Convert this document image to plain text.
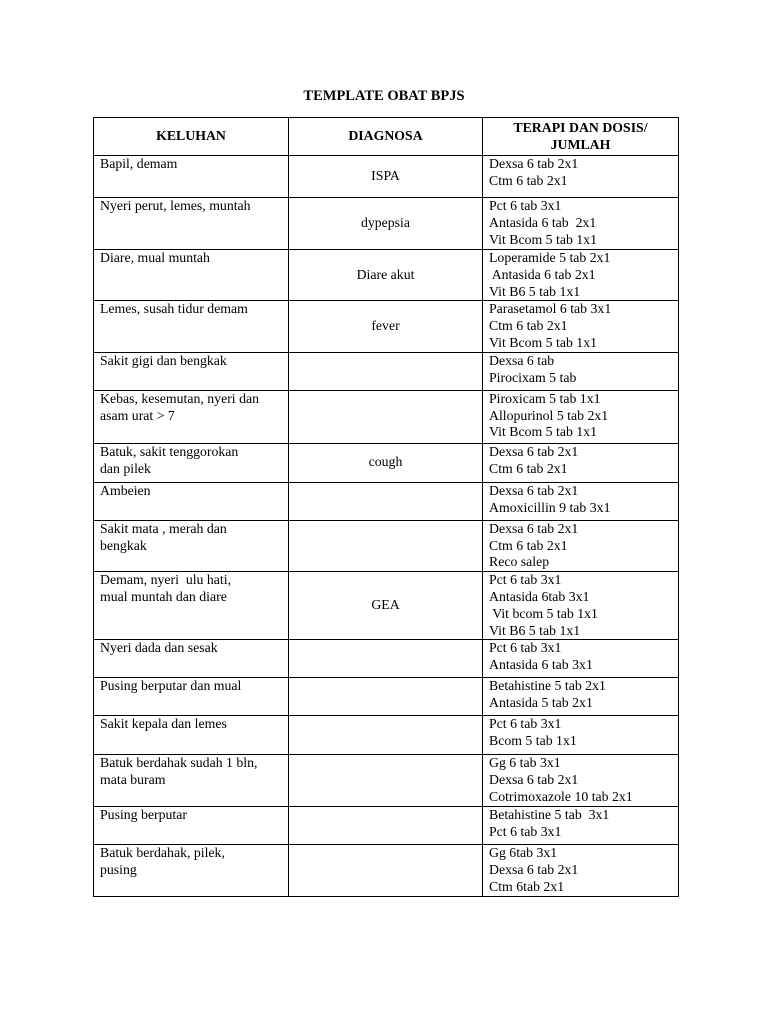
TEMPLATE OBAT BPJS
KELUHAN	DIAGNOSA	TERAPI DAN DOSIS/ JUMLAH

Bapil, demam	ISPA	Dexsa 6 tab 2x1
Ctm 6 tab 2x1

Nyeri perut, lemes, muntah	dypepsia	Pct 6 tab 3x1
Antasida 6 tab  2x1
Vit Bcom 5 tab 1x1

Diare, mual muntah	Diare akut	Loperamide 5 tab 2x1
Antasida 6 tab 2x1
Vit B6 5 tab 1x1

Lemes, susah tidur demam	fever	Parasetamol 6 tab 3x1
Ctm 6 tab 2x1
Vit Bcom 5 tab 1x1

Sakit gigi dan bengkak		Dexsa 6 tab
Pirocixam 5 tab

Kebas, kesemutan, nyeri dan
asam urat > 7		Piroxicam 5 tab 1x1
Allopurinol 5 tab 2x1
Vit Bcom 5 tab 1x1

Batuk, sakit tenggorokan
dan pilek	cough	Dexsa 6 tab 2x1
Ctm 6 tab 2x1

Ambeien		Dexsa 6 tab 2x1
Amoxicillin 9 tab 3x1

Sakit mata , merah dan
bengkak		Dexsa 6 tab 2x1
Ctm 6 tab 2x1
Reco salep

Demam, nyeri  ulu hati,
mual muntah dan diare	GEA	Pct 6 tab 3x1
Antasida 6tab 3x1
Vit bcom 5 tab 1x1
Vit B6 5 tab 1x1

Nyeri dada dan sesak		Pct 6 tab 3x1
Antasida 6 tab 3x1

Pusing berputar dan mual		Betahistine 5 tab 2x1
Antasida 5 tab 2x1

Sakit kepala dan lemes		Pct 6 tab 3x1
Bcom 5 tab 1x1

Batuk berdahak sudah 1 bln,
mata buram		Gg 6 tab 3x1
Dexsa 6 tab 2x1
Cotrimoxazole 10 tab 2x1

Pusing berputar		Betahistine 5 tab  3x1
Pct 6 tab 3x1

Batuk berdahak, pilek,
pusing		Gg 6tab 3x1
Dexsa 6 tab 2x1
Ctm 6tab 2x1
